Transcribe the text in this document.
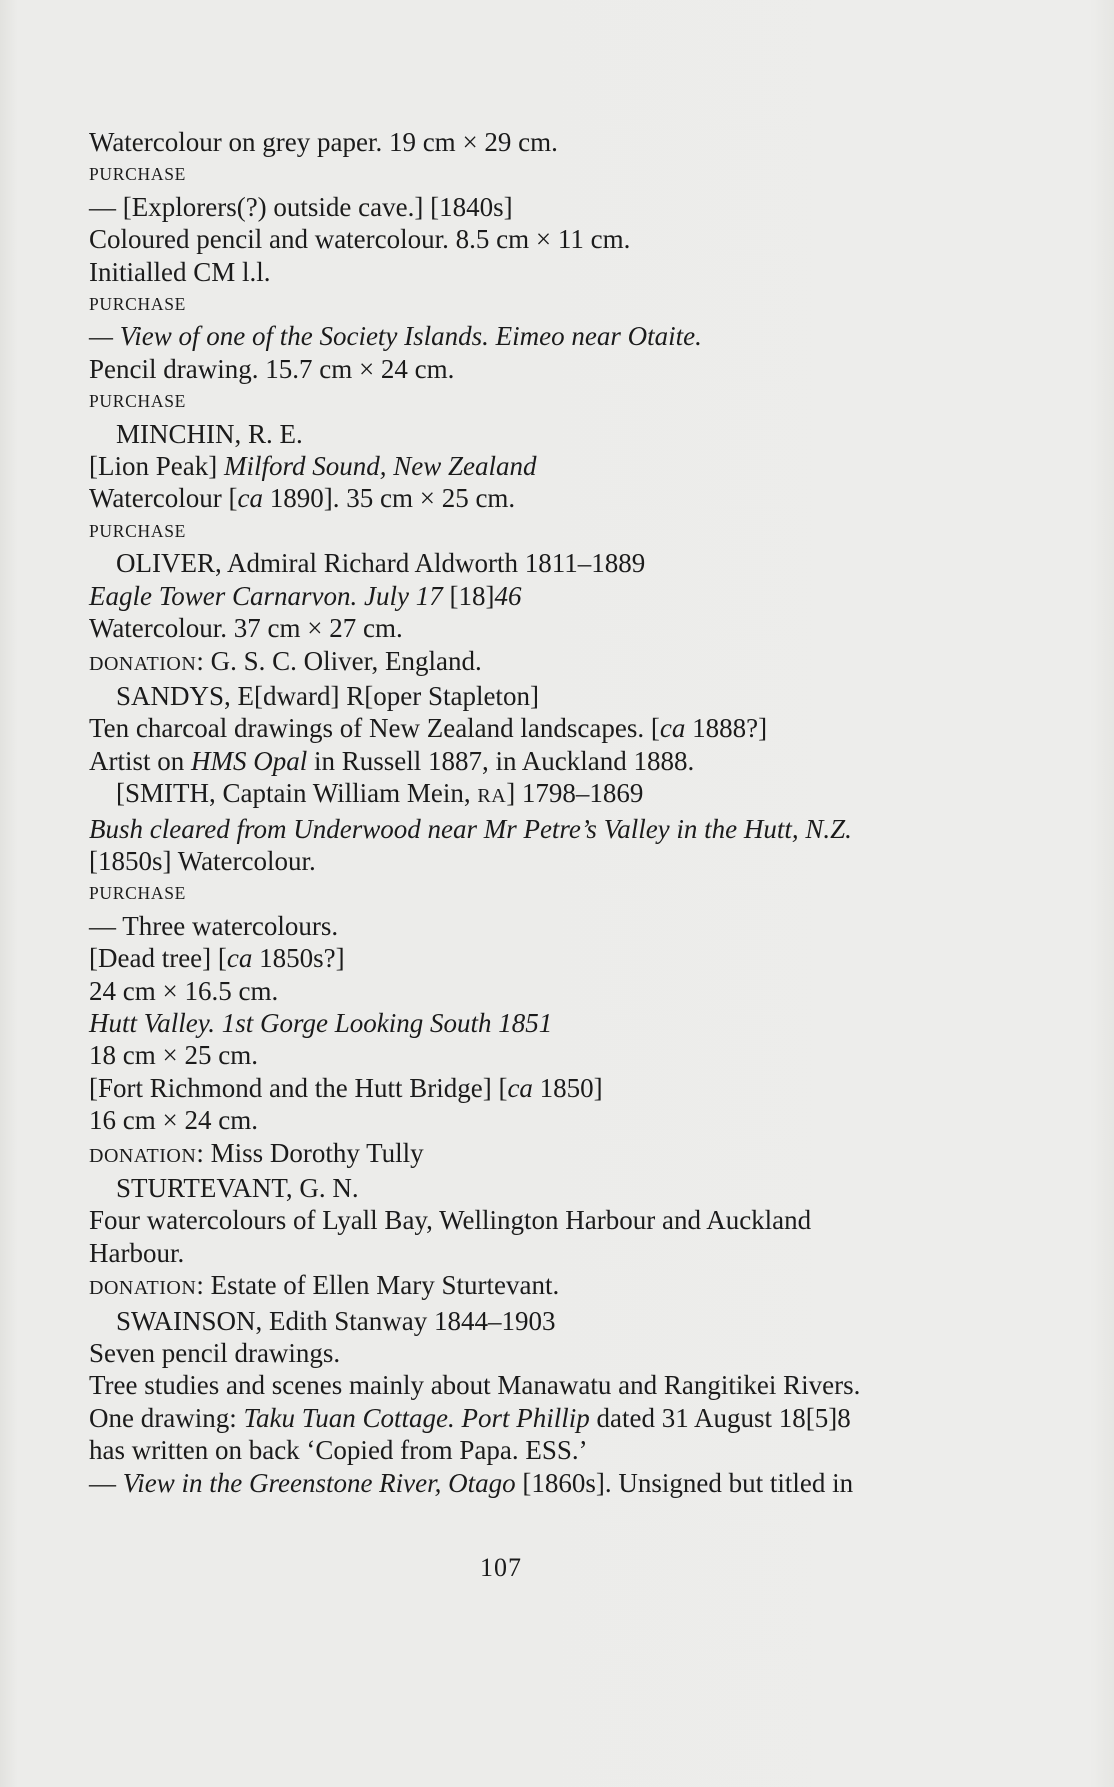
Watercolour on grey paper. 19 cm × 29 cm.
PURCHASE
— [Explorers(?) outside cave.] [1840s]
Coloured pencil and watercolour. 8.5 cm × 11 cm.
Initialled CM l.l.
PURCHASE
— View of one of the Society Islands. Eimeo near Otaite.
Pencil drawing. 15.7 cm × 24 cm.
PURCHASE
MINCHIN, R. E.
[Lion Peak] Milford Sound, New Zealand
Watercolour [ca 1890]. 35 cm × 25 cm.
PURCHASE
OLIVER, Admiral Richard Aldworth 1811–1889
Eagle Tower Carnarvon. July 17 [18]46
Watercolour. 37 cm × 27 cm.
DONATION: G. S. C. Oliver, England.
SANDYS, E[dward] R[oper Stapleton]
Ten charcoal drawings of New Zealand landscapes. [ca 1888?]
Artist on HMS Opal in Russell 1887, in Auckland 1888.
[SMITH, Captain William Mein, RA] 1798–1869
Bush cleared from Underwood near Mr Petre’s Valley in the Hutt, N.Z.
[1850s] Watercolour.
PURCHASE
— Three watercolours.
[Dead tree] [ca 1850s?]
24 cm × 16.5 cm.
Hutt Valley. 1st Gorge Looking South 1851
18 cm × 25 cm.
[Fort Richmond and the Hutt Bridge] [ca 1850]
16 cm × 24 cm.
DONATION: Miss Dorothy Tully
STURTEVANT, G. N.
Four watercolours of Lyall Bay, Wellington Harbour and Auckland
Harbour.
DONATION: Estate of Ellen Mary Sturtevant.
SWAINSON, Edith Stanway 1844–1903
Seven pencil drawings.
Tree studies and scenes mainly about Manawatu and Rangitikei Rivers.
One drawing: Taku Tuan Cottage. Port Phillip dated 31 August 18[5]8
has written on back ‘Copied from Papa. ESS.’
— View in the Greenstone River, Otago [1860s]. Unsigned but titled in
107
